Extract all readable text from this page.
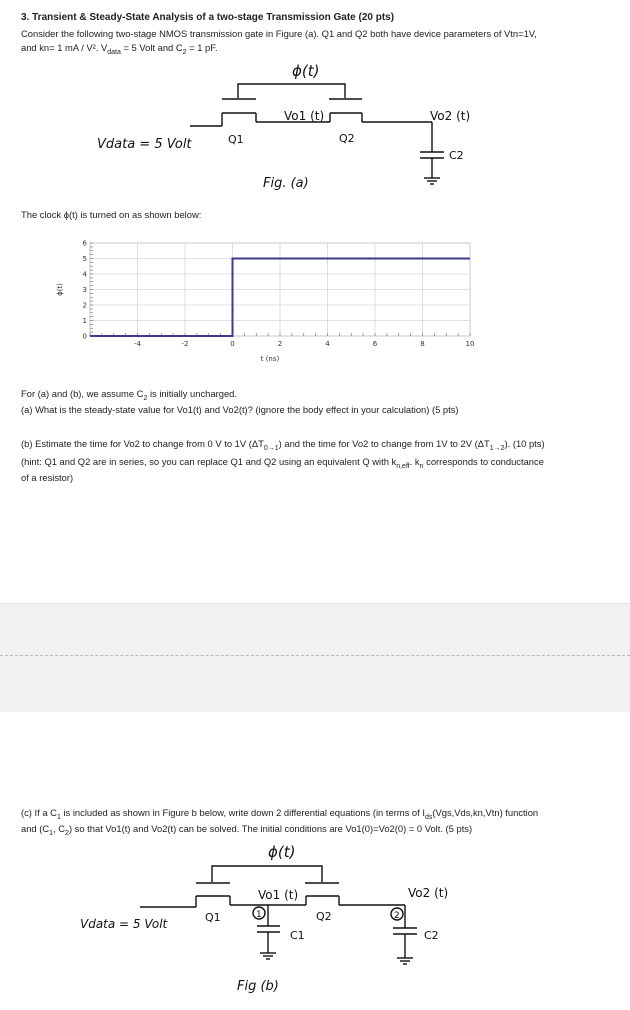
3. Transient & Steady-State Analysis of a two-stage Transmission Gate (20 pts)
Consider the following two-stage NMOS transmission gate in Figure (a). Q1 and Q2 both have device parameters of Vtn=1V,
and kn= 1 mA / V². $V_{data} = 5$ Volt and $C_2 = 1$ pF.
ϕ(t)
Vo1 (t)	Vo2 (t)
Vdata = 5 Volt	Q1	Q2
C2
Fig. (a)
The clock ϕ(t) is turned on as shown below:
-4	-2	0	2	4	6	8	10
0
1
2
3
4
5
6
t (ns)
ϕ(t)
For (a) and (b), we assume $C_2$ is initially uncharged.
(a) What is the steady-state value for Vo1(t) and Vo2(t)? (ignore the body effect in your calculation) (5 pts)
(b) Estimate the time for Vo2 to change from 0 V to 1V $(\Delta T_{0\to 1})$ and the time for Vo2 to change from 1V to 2V $(\Delta T_{1\to 2})$. (10 pts)
(hint: Q1 and Q2 are in series, so you can replace Q1 and Q2 using an equivalent Q with $k_{n,eff}$. $k_n$ corresponds to conductance
of a resistor)
(c) If a $C_1$ is included as shown in Figure b below, write down 2 differential equations (in terms of $I_{ds}(Vgs,Vds,kn,Vtn)$ function
and ($C_1$, $C_2$) so that Vo1(t) and Vo2(t) can be solved. The initial conditions are Vo1(0)=Vo2(0) = 0 Volt. (5 pts)
ϕ(t)
Vo1 (t)	Vo2 (t)
Vdata = 5 Volt	Q1	Q2
C1	C2
1	2
Fig (b)
